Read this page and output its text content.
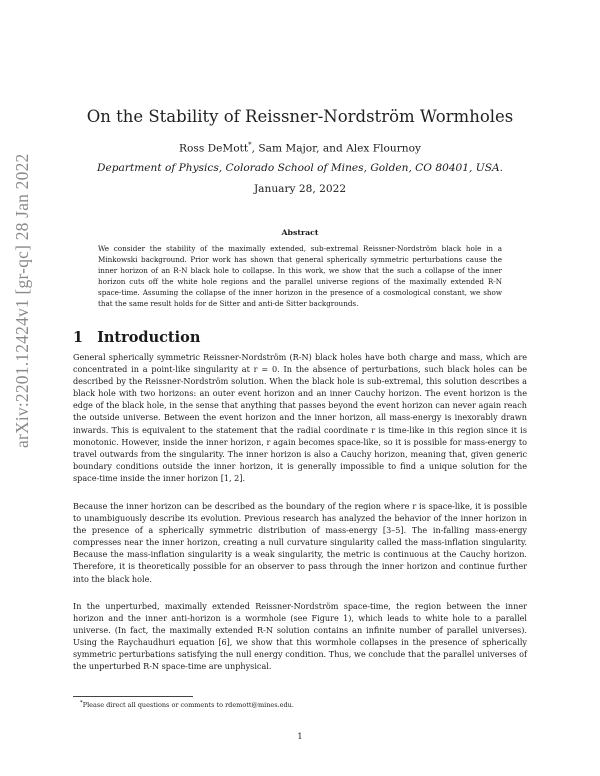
arXiv:2201.12424v1 [gr-qc] 28 Jan 2022
On the Stability of Reissner-Nordström Wormholes
Ross DeMott*, Sam Major, and Alex Flournoy
Department of Physics, Colorado School of Mines, Golden, CO 80401, USA.
January 28, 2022
Abstract
We consider the stability of the maximally extended, sub-extremal Reissner-Nordström black hole in a Minkowski background. Prior work has shown that general spherically symmetric perturbations cause the inner horizon of an R-N black hole to collapse. In this work, we show that the such a collapse of the inner horizon cuts off the white hole regions and the parallel universe regions of the maximally extended R-N space-time. Assuming the collapse of the inner horizon in the presence of a cosmological constant, we show that the same result holds for de Sitter and anti-de Sitter backgrounds.
1 Introduction
General spherically symmetric Reissner-Nordström (R-N) black holes have both charge and mass, which are concentrated in a point-like singularity at r = 0. In the absence of perturbations, such black holes can be described by the Reissner-Nordström solution. When the black hole is sub-extremal, this solution describes a black hole with two horizons: an outer event horizon and an inner Cauchy horizon. The event horizon is the edge of the black hole, in the sense that anything that passes beyond the event horizon can never again reach the outside universe. Between the event horizon and the inner horizon, all mass-energy is inexorably drawn inwards. This is equivalent to the statement that the radial coordinate r is time-like in this region since it is monotonic. However, inside the inner horizon, r again becomes space-like, so it is possible for mass-energy to travel outwards from the singularity. The inner horizon is also a Cauchy horizon, meaning that, given generic boundary conditions outside the inner horizon, it is generally impossible to find a unique solution for the space-time inside the inner horizon [1, 2].
Because the inner horizon can be described as the boundary of the region where r is space-like, it is possible to unambiguously describe its evolution. Previous research has analyzed the behavior of the inner horizon in the presence of a spherically symmetric distribution of mass-energy [3–5]. The in-falling mass-energy compresses near the inner horizon, creating a null curvature singularity called the mass-inflation singularity. Because the mass-inflation singularity is a weak singularity, the metric is continuous at the Cauchy horizon. Therefore, it is theoretically possible for an observer to pass through the inner horizon and continue further into the black hole.
In the unperturbed, maximally extended Reissner-Nordström space-time, the region between the inner horizon and the inner anti-horizon is a wormhole (see Figure 1), which leads to white hole to a parallel universe. (In fact, the maximally extended R-N solution contains an infinite number of parallel universes). Using the Raychaudhuri equation [6], we show that this wormhole collapses in the presence of spherically symmetric perturbations satisfying the null energy condition. Thus, we conclude that the parallel universes of the unperturbed R-N space-time are unphysical.
*Please direct all questions or comments to rdemott@mines.edu.
1
